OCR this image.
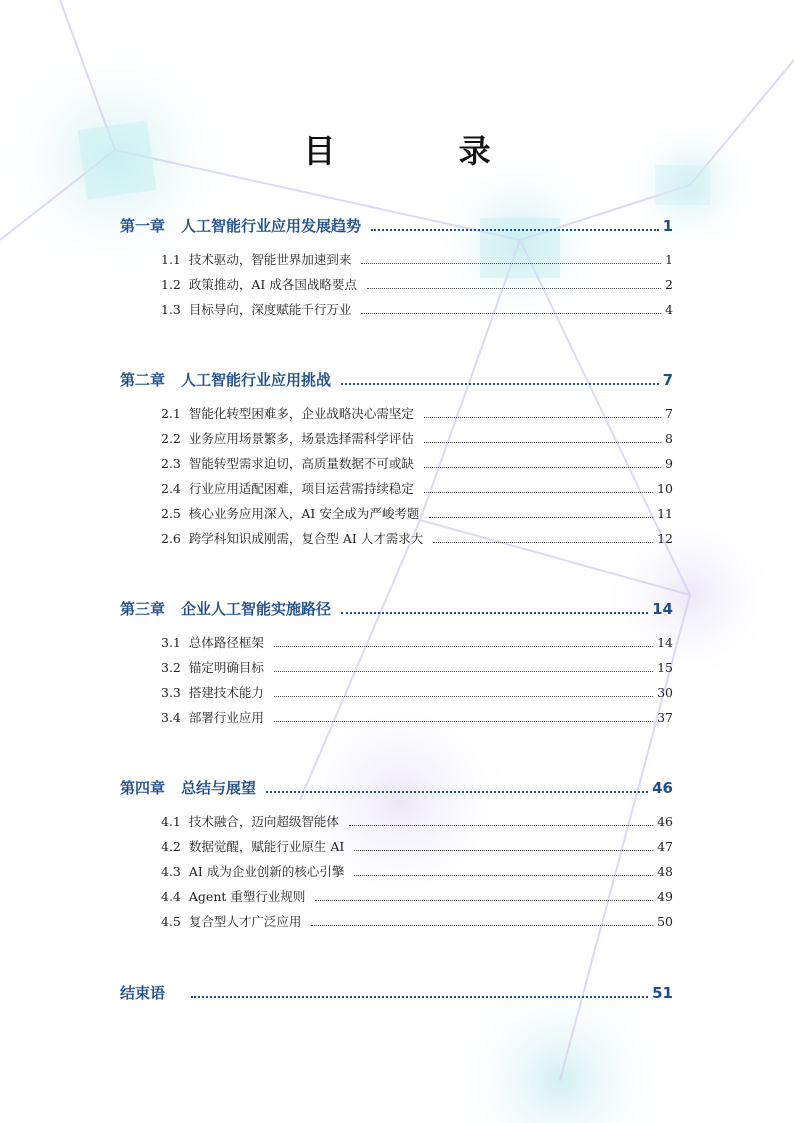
目 录
第一章 人工智能行业应用发展趋势	1
1.1 技术驱动，智能世界加速到来	1
1.2 政策推动，AI 成各国战略要点	2
1.3 目标导向，深度赋能千行万业	4
第二章 人工智能行业应用挑战	7
2.1 智能化转型困难多，企业战略决心需坚定	7
2.2 业务应用场景繁多，场景选择需科学评估	8
2.3 智能转型需求迫切，高质量数据不可或缺	9
2.4 行业应用适配困难，项目运营需持续稳定	10
2.5 核心业务应用深入，AI 安全成为严峻考题	11
2.6 跨学科知识成刚需，复合型 AI 人才需求大	12
第三章 企业人工智能实施路径	14
3.1 总体路径框架	14
3.2 锚定明确目标	15
3.3 搭建技术能力	30
3.4 部署行业应用	37
第四章 总结与展望	46
4.1 技术融合，迈向超级智能体	46
4.2 数据觉醒，赋能行业原生 AI	47
4.3 AI 成为企业创新的核心引擎	48
4.4 Agent 重塑行业规则	49
4.5 复合型人才广泛应用	50
结束语	51
